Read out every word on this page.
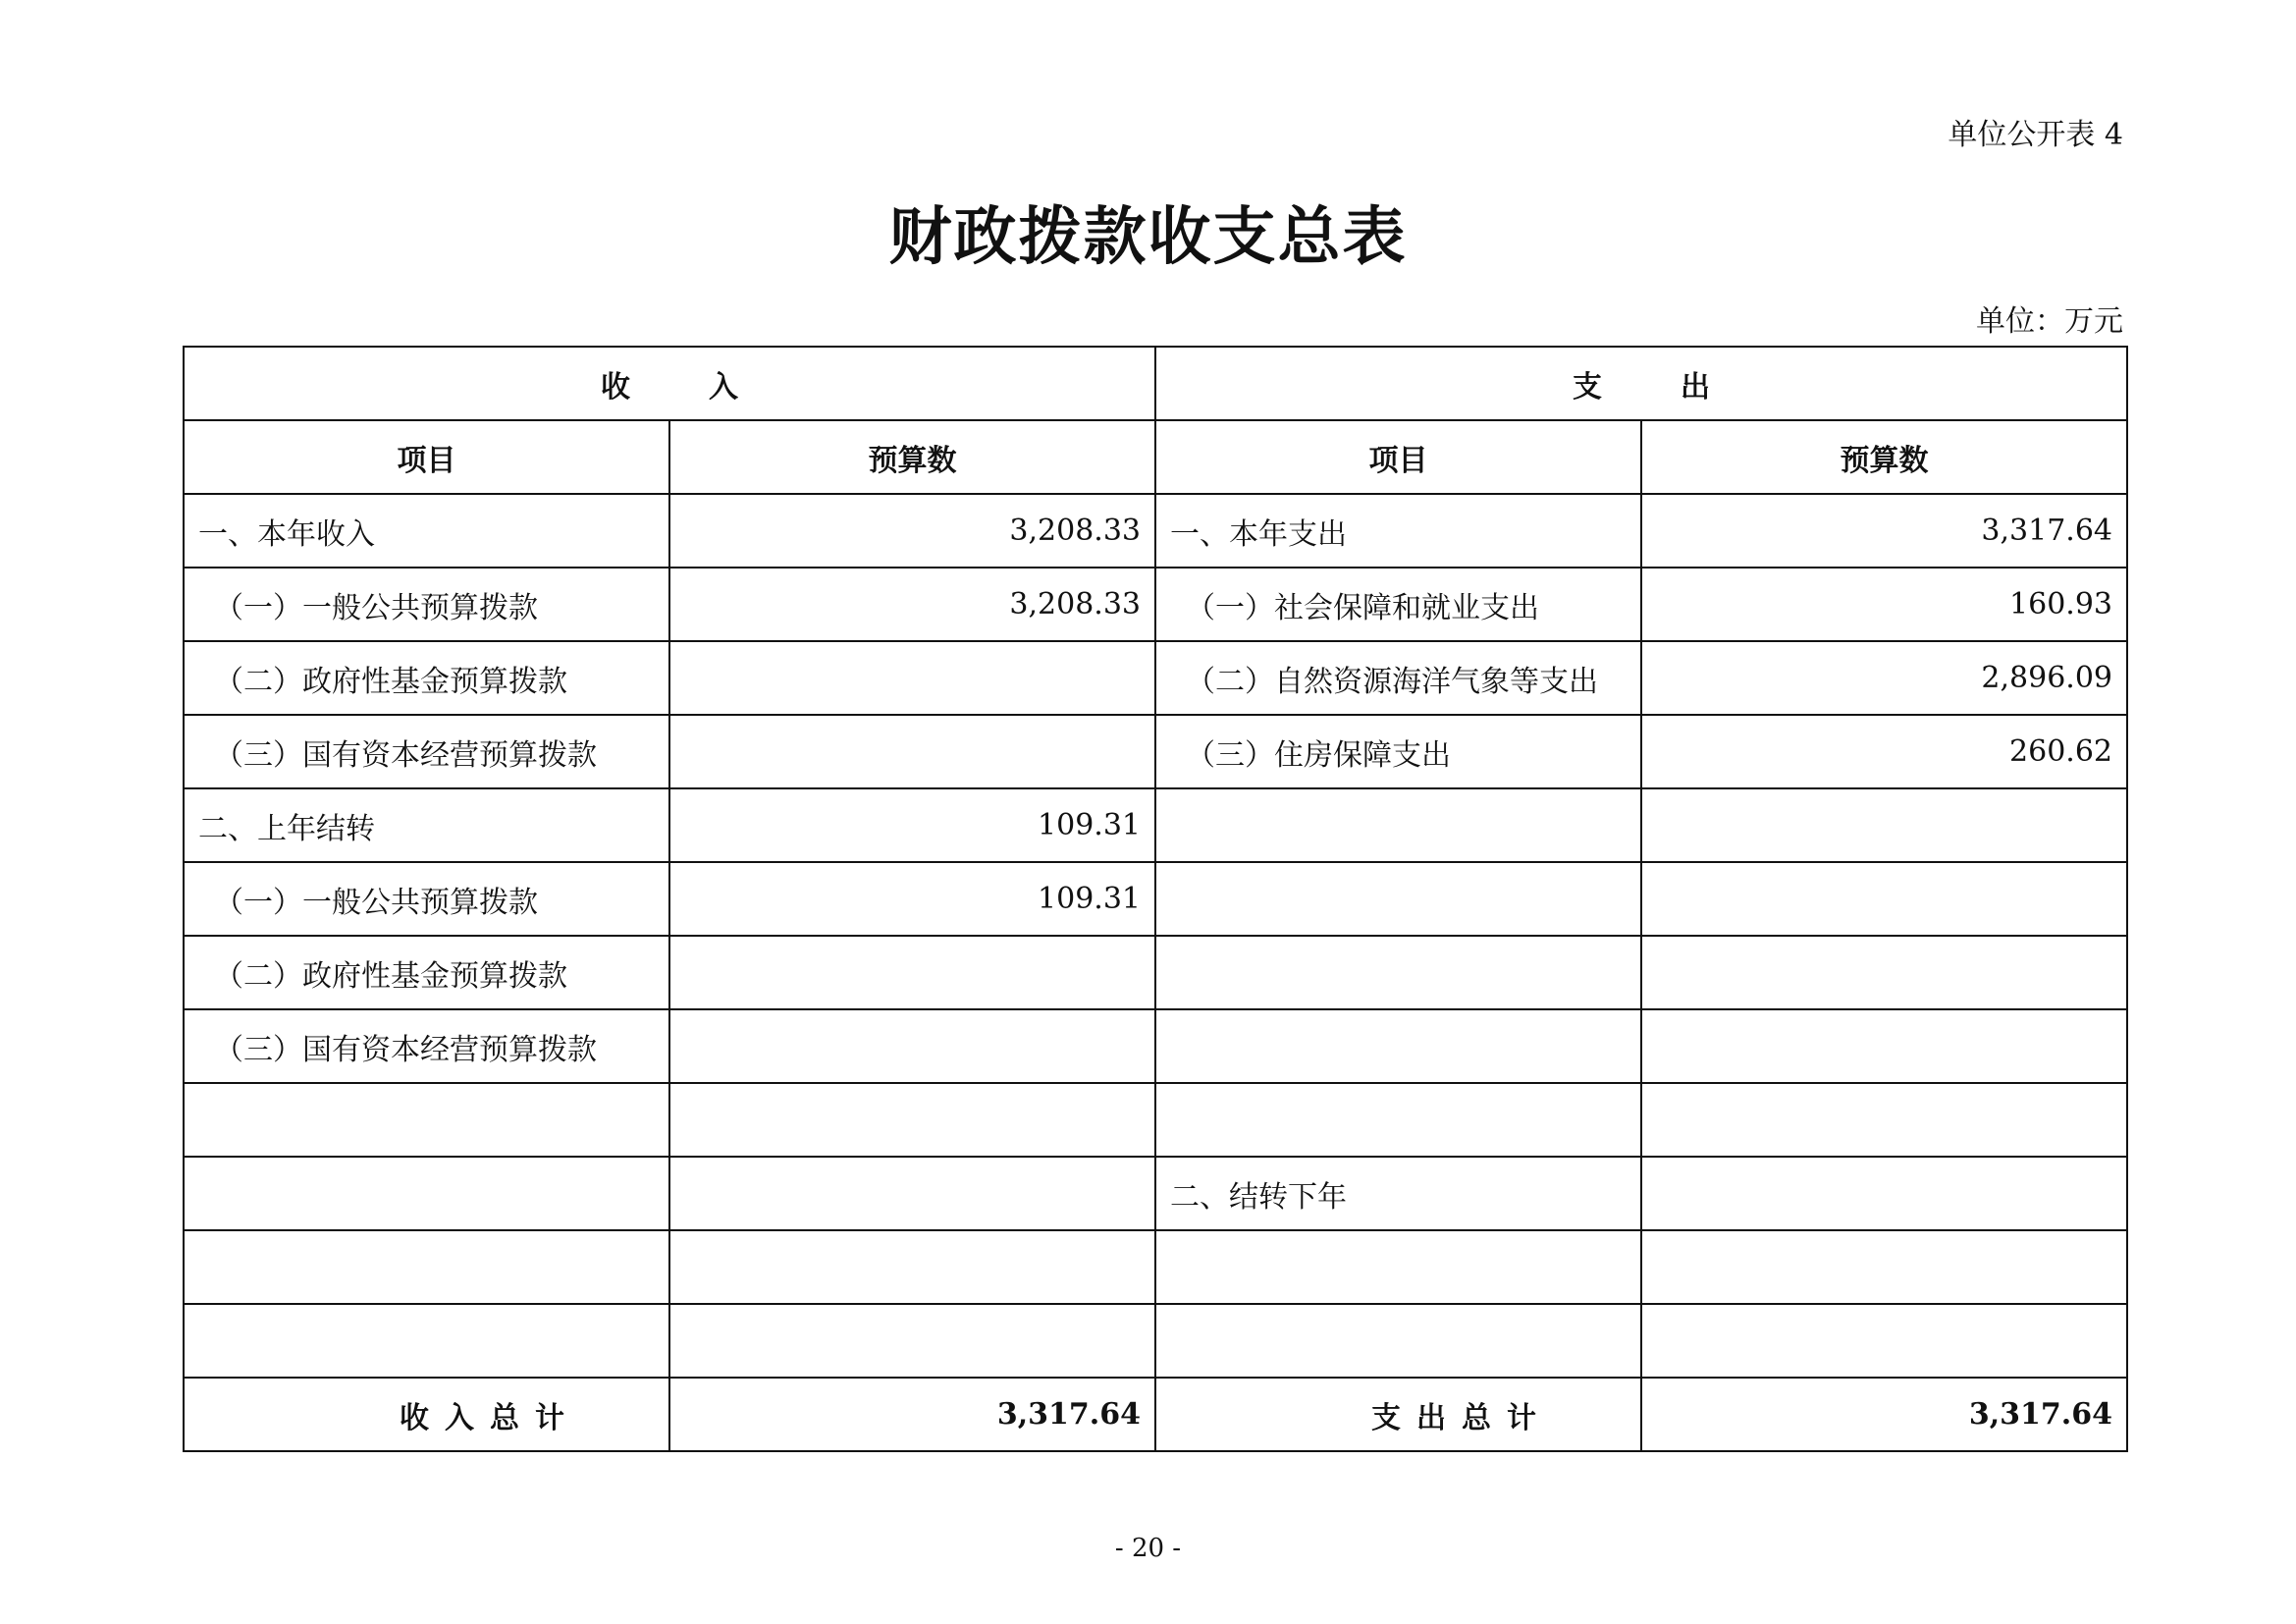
单位公开表 4
财政拨款收支总表
单位：万元
收入		支出	
项目	预算数	项目	预算数
一、本年收入	3,208.33	一、本年支出	3,317.64
（一）一般公共预算拨款	3,208.33	（一）社会保障和就业支出	160.93
（二）政府性基金预算拨款		（二）自然资源海洋气象等支出	2,896.09
（三）国有资本经营预算拨款		（三）住房保障支出	260.62
二、上年结转	109.31		
（一）一般公共预算拨款	109.31		
（二）政府性基金预算拨款			
（三）国有资本经营预算拨款			

		二、结转下年	

收入总计	3,317.64	支出总计	3,317.64
- 20 -
